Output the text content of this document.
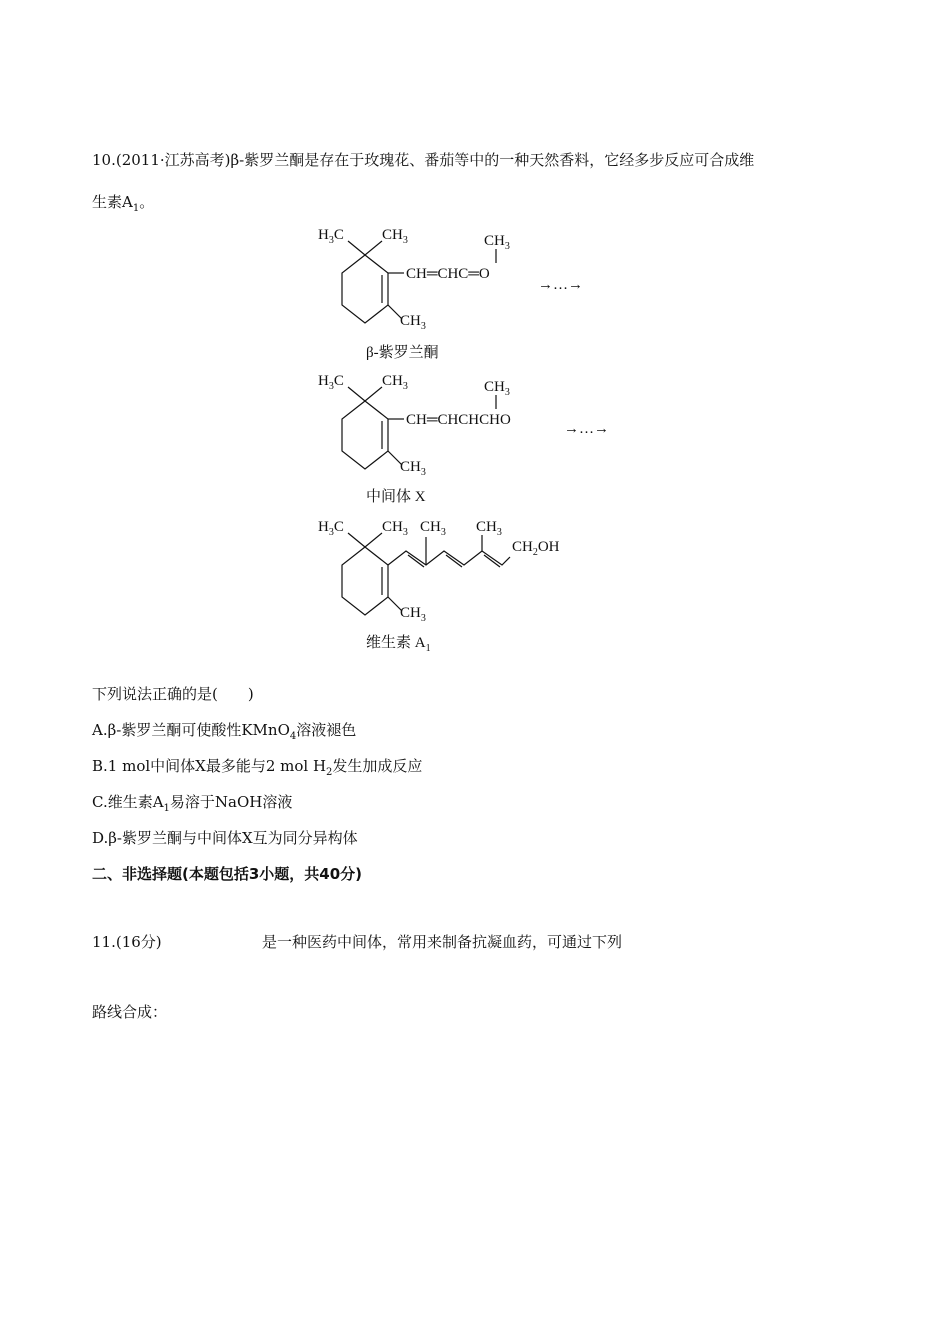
10.(2011·江苏高考)β-紫罗兰酮是存在于玫瑰花、番茄等中的一种天然香料，它经多步反应可合成维
生素$A_1$。
$H_3C$	$CH_3$
CH═CHC═O
$CH_3$
$CH_3$
→…→
β-紫罗兰酮
$H_3C$	$CH_3$
CH═CHCHCHO
$CH_3$
$CH_3$
→…→
中间体 X
$H_3C$	$CH_3$ $CH_3$ $CH_3$
$CH_2OH$
$CH_3$
维生素 $A_1$
下列说法正确的是(　　)
A.β-紫罗兰酮可使酸性KMnO$_4$溶液褪色
B.1 mol中间体X最多能与2 mol $H_2$发生加成反应
C.维生素$A_1$易溶于NaOH溶液
D.β-紫罗兰酮与中间体X互为同分异构体
二、非选择题(本题包括3小题，共40分)
11.(16分)	是一种医药中间体，常用来制备抗凝血药，可通过下列
路线合成：
